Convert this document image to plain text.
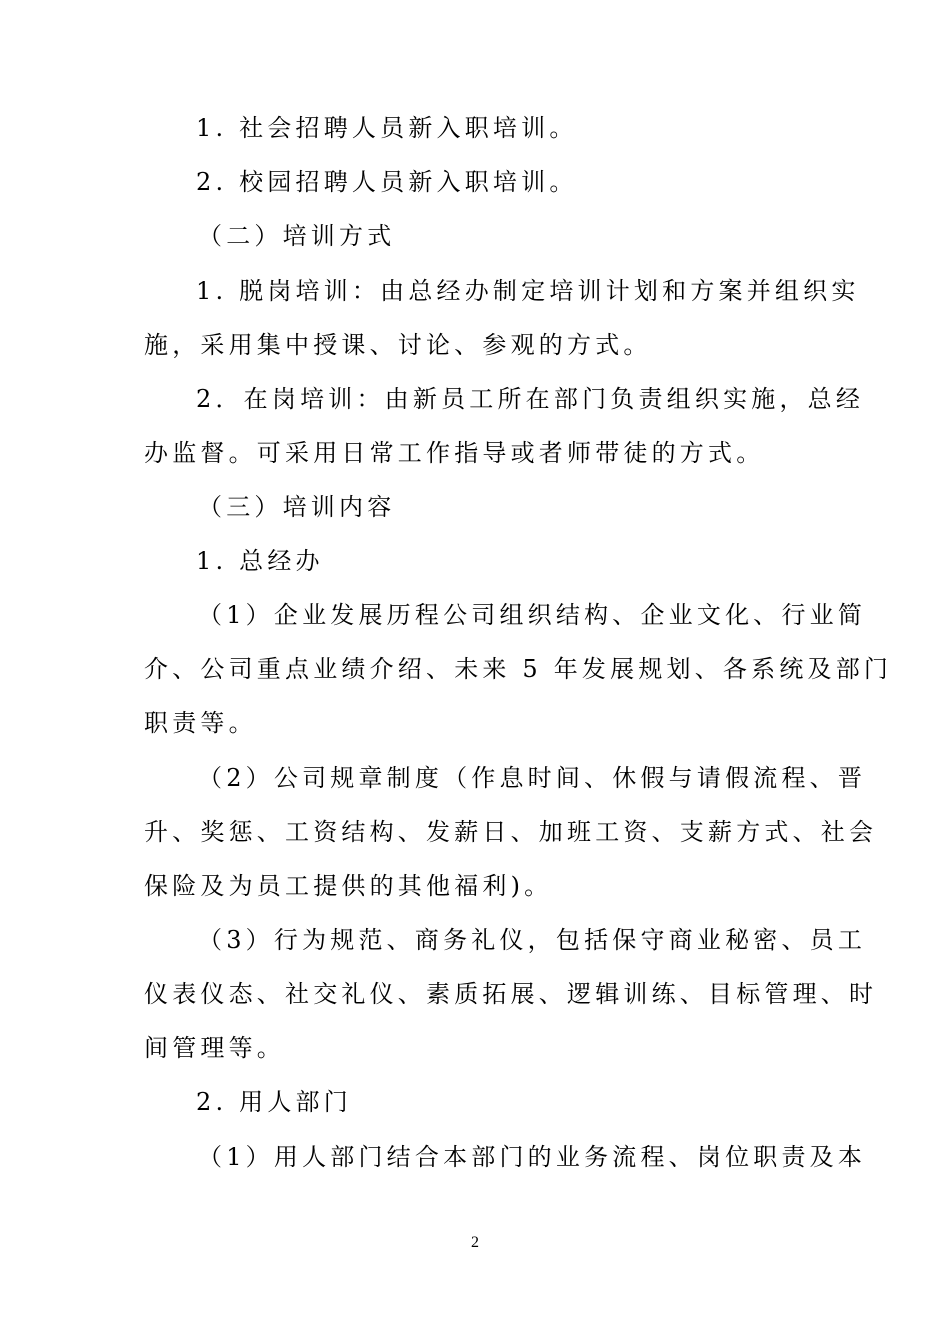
1. 社会招聘人员新入职培训。
2. 校园招聘人员新入职培训。
（二）培训方式
1. 脱岗培训：由总经办制定培训计划和方案并组织实
施，采用集中授课、讨论、参观的方式。
2．在岗培训：由新员工所在部门负责组织实施，总经
办监督。可采用日常工作指导或者师带徒的方式。
（三）培训内容
1. 总经办
（1）企业发展历程公司组织结构、企业文化、行业简
介、公司重点业绩介绍、未来 5 年发展规划、各系统及部门
职责等。
（2）公司规章制度（作息时间、休假与请假流程、晋
升、奖惩、工资结构、发薪日、加班工资、支薪方式、社会
保险及为员工提供的其他福利)。
（3）行为规范、商务礼仪，包括保守商业秘密、员工
仪表仪态、社交礼仪、素质拓展、逻辑训练、目标管理、时
间管理等。
2. 用人部门
（1）用人部门结合本部门的业务流程、岗位职责及本
2
